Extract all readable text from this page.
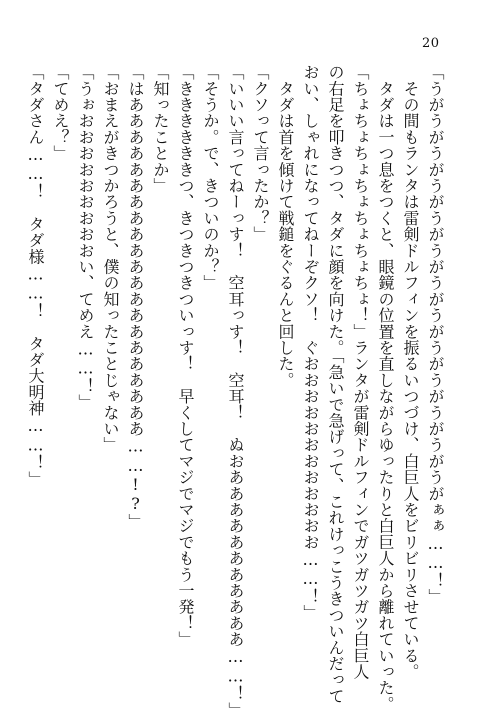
20
「うがうがうがうがうがうがうがうがうがうがうがうがうがぁぁ……！」
　その間もランタは雷剣ドルフィンを振るいつづけ、白巨人をビリビリさせている。
　タダは一つ息をつくと、眼鏡の位置を直しながらゆったりと白巨人から離れていった。
「ちょちょちょちょちょちょちょ！」ランタが雷剣ドルフィンでガツガツガツ白巨人
の右足を叩きつつ、タダに顔を向けた。「急いで急げって、これけっこうきついんだって
おい、しゃれになってねーぞクソ！　ぐおおおおおおおおおおおお……！」
　タダは首を傾けて戦鎚をぐるんと回した。
「クソって言ったか？」
「いいい言ってねーっす！　空耳っす！　空耳！　ぬおあああああああああああ……！」
「そうか。で、きついのか？」
「ききききききつ、きつきつきついっす！　早くしてマジでマジでもう一発！」
「知ったことか」
「はあああああああああああああああああああああ……!?」
「おまえがきつかろうと、僕の知ったことじゃない」
「うぉおおおおおおおおおい、てめえ……！」
「てめえ？」
「タダさん……！　タダ様……！　タダ大明神……！」
